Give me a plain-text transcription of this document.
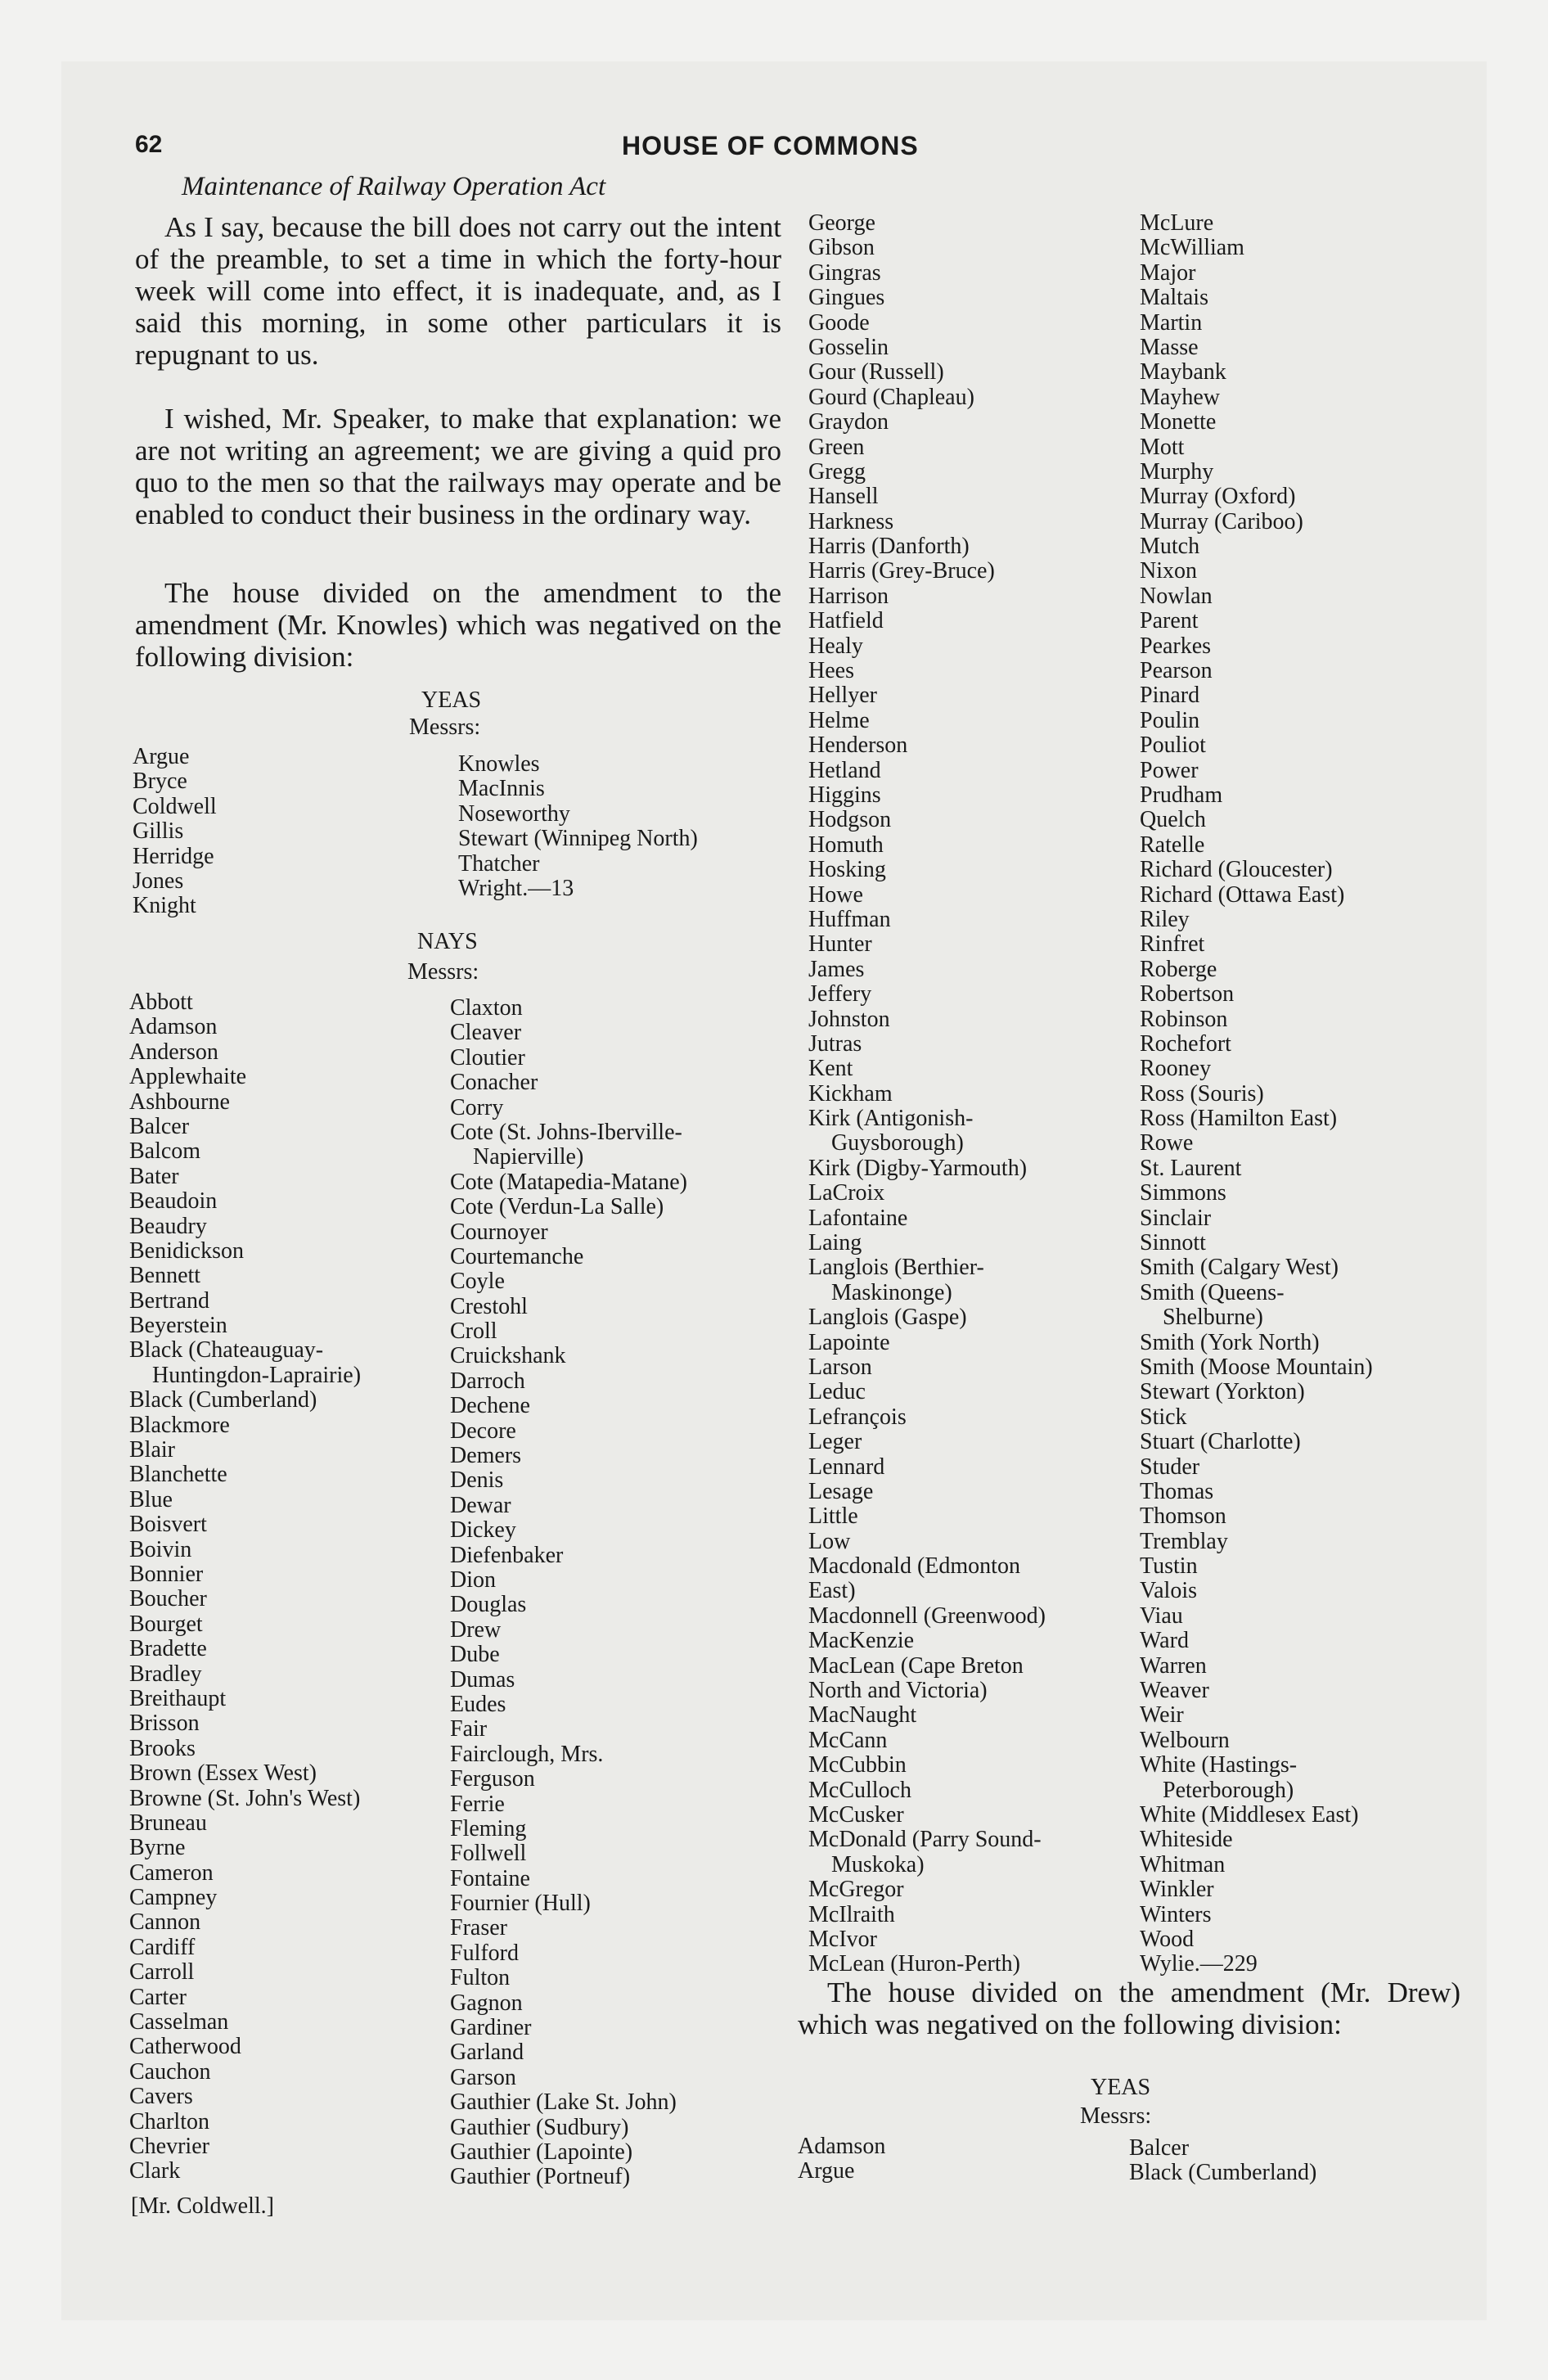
62	HOUSE OF COMMONS
Maintenance of Railway Operation Act
As I say, because the bill does not carry out the intent of the preamble, to set a time in which the forty-hour week will come into effect, it is inadequate, and, as I said this morning, in some other particulars it is repugnant to us.
I wished, Mr. Speaker, to make that explanation: we are not writing an agreement; we are giving a quid pro quo to the men so that the railways may operate and be enabled to conduct their business in the ordinary way.
The house divided on the amendment to the amendment (Mr. Knowles) which was negatived on the following division:
YEAS
Messrs:
Argue
Bryce
Coldwell
Gillis
Herridge
Jones
Knight
Knowles
MacInnis
Noseworthy
Stewart (Winnipeg North)
Thatcher
Wright.—13
NAYS
Messrs:
Abbott
Adamson
Anderson
Applewhaite
Ashbourne
Balcer
Balcom
Bater
Beaudoin
Beaudry
Benidickson
Bennett
Bertrand
Beyerstein
Black (Chateauguay-
Huntingdon-Laprairie)
Black (Cumberland)
Blackmore
Blair
Blanchette
Blue
Boisvert
Boivin
Bonnier
Boucher
Bourget
Bradette
Bradley
Breithaupt
Brisson
Brooks
Brown (Essex West)
Browne (St. John's West)
Bruneau
Byrne
Cameron
Campney
Cannon
Cardiff
Carroll
Carter
Casselman
Catherwood
Cauchon
Cavers
Charlton
Chevrier
Clark
Claxton
Cleaver
Cloutier
Conacher
Corry
Cote (St. Johns-Iberville-
Napierville)
Cote (Matapedia-Matane)
Cote (Verdun-La Salle)
Cournoyer
Courtemanche
Coyle
Crestohl
Croll
Cruickshank
Darroch
Dechene
Decore
Demers
Denis
Dewar
Dickey
Diefenbaker
Dion
Douglas
Drew
Dube
Dumas
Eudes
Fair
Fairclough, Mrs.
Ferguson
Ferrie
Fleming
Follwell
Fontaine
Fournier (Hull)
Fraser
Fulford
Fulton
Gagnon
Gardiner
Garland
Garson
Gauthier (Lake St. John)
Gauthier (Sudbury)
Gauthier (Lapointe)
Gauthier (Portneuf)
George
Gibson
Gingras
Gingues
Goode
Gosselin
Gour (Russell)
Gourd (Chapleau)
Graydon
Green
Gregg
Hansell
Harkness
Harris (Danforth)
Harris (Grey-Bruce)
Harrison
Hatfield
Healy
Hees
Hellyer
Helme
Henderson
Hetland
Higgins
Hodgson
Homuth
Hosking
Howe
Huffman
Hunter
James
Jeffery
Johnston
Jutras
Kent
Kickham
Kirk (Antigonish-
Guysborough)
Kirk (Digby-Yarmouth)
LaCroix
Lafontaine
Laing
Langlois (Berthier-
Maskinonge)
Langlois (Gaspe)
Lapointe
Larson
Leduc
Lefrançois
Leger
Lennard
Lesage
Little
Low
Macdonald (Edmonton
East)
Macdonnell (Greenwood)
MacKenzie
MacLean (Cape Breton
North and Victoria)
MacNaught
McCann
McCubbin
McCulloch
McCusker
McDonald (Parry Sound-
Muskoka)
McGregor
McIlraith
McIvor
McLean (Huron-Perth)
McLure
McWilliam
Major
Maltais
Martin
Masse
Maybank
Mayhew
Monette
Mott
Murphy
Murray (Oxford)
Murray (Cariboo)
Mutch
Nixon
Nowlan
Parent
Pearkes
Pearson
Pinard
Poulin
Pouliot
Power
Prudham
Quelch
Ratelle
Richard (Gloucester)
Richard (Ottawa East)
Riley
Rinfret
Roberge
Robertson
Robinson
Rochefort
Rooney
Ross (Souris)
Ross (Hamilton East)
Rowe
St. Laurent
Simmons
Sinclair
Sinnott
Smith (Calgary West)
Smith (Queens-
Shelburne)
Smith (York North)
Smith (Moose Mountain)
Stewart (Yorkton)
Stick
Stuart (Charlotte)
Studer
Thomas
Thomson
Tremblay
Tustin
Valois
Viau
Ward
Warren
Weaver
Weir
Welbourn
White (Hastings-
Peterborough)
White (Middlesex East)
Whiteside
Whitman
Winkler
Winters
Wood
Wylie.—229
The house divided on the amendment (Mr. Drew) which was negatived on the following division:
YEAS
Messrs:
Adamson
Argue
Balcer
Black (Cumberland)
[Mr. Coldwell.]
